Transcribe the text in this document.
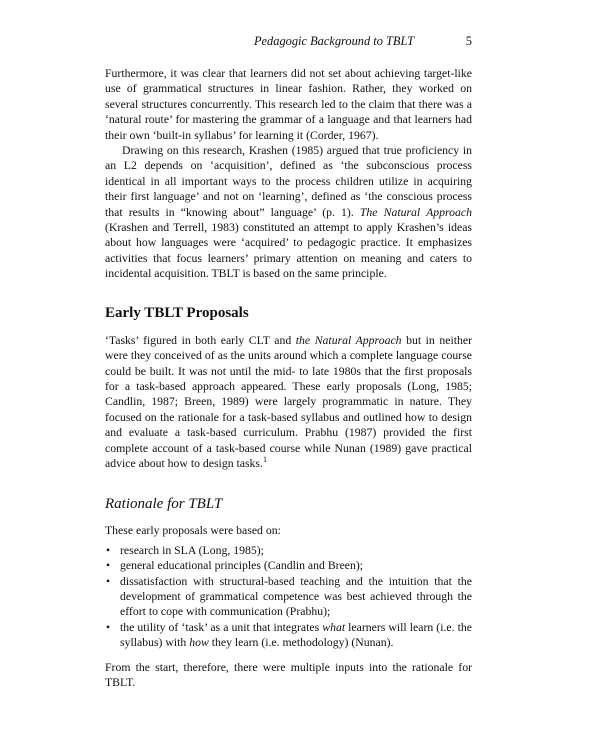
Pedagogic Background to TBLT	5

Furthermore, it was clear that learners did not set about achieving target-like use of grammatical structures in linear fashion. Rather, they worked on several structures concurrently. This research led to the claim that there was a ‘natural route’ for mastering the grammar of a language and that learners had their own ‘built-in syllabus’ for learning it (Corder, 1967).

Drawing on this research, Krashen (1985) argued that true proficiency in an L2 depends on ‘acquisition’, defined as ‘the subconscious process identical in all important ways to the process children utilize in acquiring their first language’ and not on ‘learning’, defined as ‘the conscious process that results in “knowing about” language’ (p. 1). The Natural Approach (Krashen and Terrell, 1983) constituted an attempt to apply Krashen’s ideas about how languages were ‘acquired’ to pedagogic practice. It emphasizes activities that focus learners’ primary attention on meaning and caters to incidental acquisition. TBLT is based on the same principle.

Early TBLT Proposals

‘Tasks’ figured in both early CLT and the Natural Approach but in neither were they conceived of as the units around which a complete language course could be built. It was not until the mid- to late 1980s that the first proposals for a task-based approach appeared. These early proposals (Long, 1985; Candlin, 1987; Breen, 1989) were largely programmatic in nature. They focused on the rationale for a task-based syllabus and outlined how to design and evaluate a task-based curriculum. Prabhu (1987) provided the first complete account of a task-based course while Nunan (1989) gave practical advice about how to design tasks.$^1$

Rationale for TBLT

These early proposals were based on:

• research in SLA (Long, 1985);
• general educational principles (Candlin and Breen);
• dissatisfaction with structural-based teaching and the intuition that the development of grammatical competence was best achieved through the effort to cope with communication (Prabhu);
• the utility of ‘task’ as a unit that integrates what learners will learn (i.e. the syllabus) with how they learn (i.e. methodology) (Nunan).

From the start, therefore, there were multiple inputs into the rationale for TBLT.
